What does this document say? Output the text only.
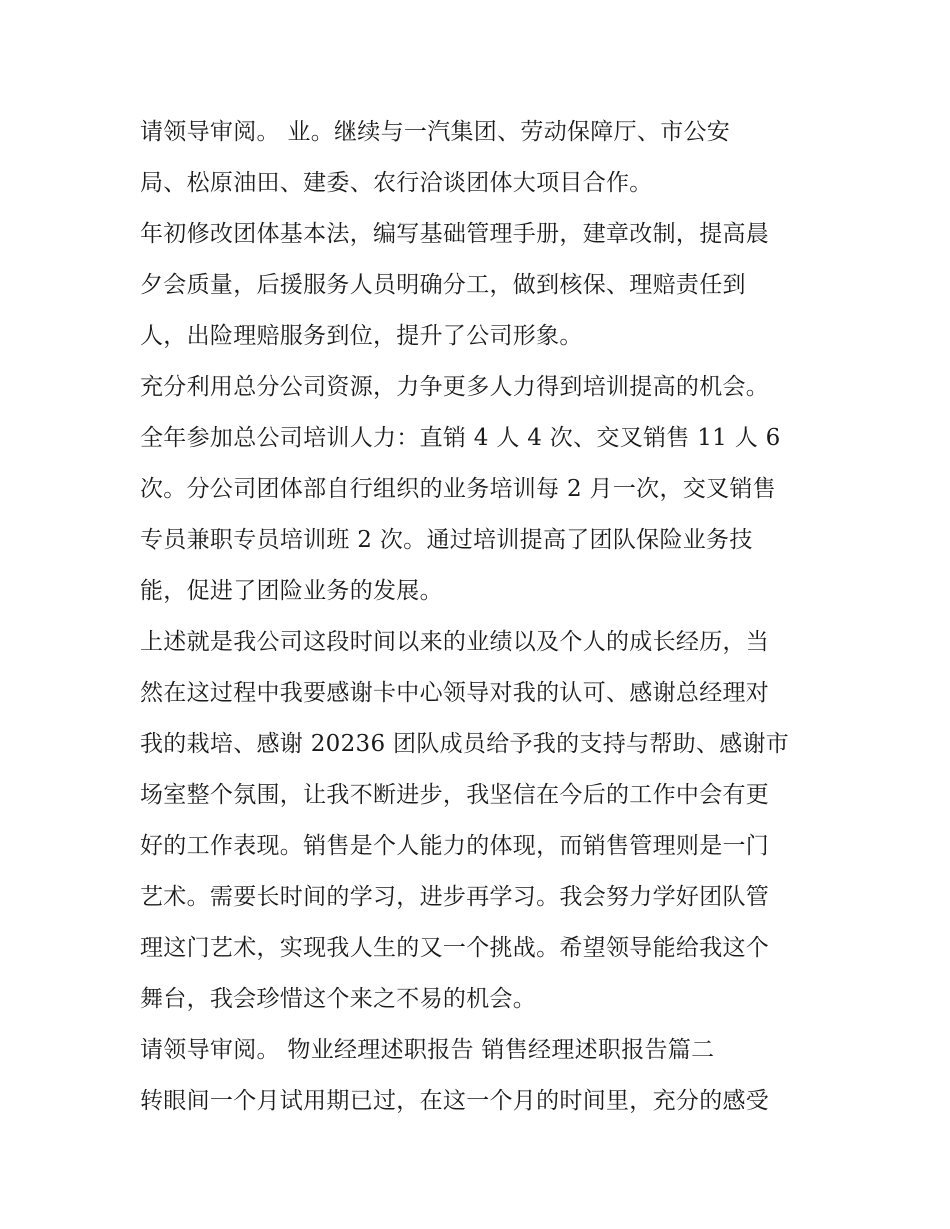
请领导审阅。 业。继续与一汽集团、劳动保障厅、市公安

局、松原油田、建委、农行洽谈团体大项目合作。

年初修改团体基本法，编写基础管理手册，建章改制，提高晨

夕会质量，后援服务人员明确分工，做到核保、理赔责任到

人，出险理赔服务到位，提升了公司形象。

充分利用总分公司资源，力争更多人力得到培训提高的机会。

全年参加总公司培训人力：直销 4 人 4 次、交叉销售 11 人 6

次。分公司团体部自行组织的业务培训每 2 月一次，交叉销售

专员兼职专员培训班 2 次。通过培训提高了团队保险业务技

能，促进了团险业务的发展。

上述就是我公司这段时间以来的业绩以及个人的成长经历，当

然在这过程中我要感谢卡中心领导对我的认可、感谢总经理对

我的栽培、感谢 20236 团队成员给予我的支持与帮助、感谢市

场室整个氛围，让我不断进步，我坚信在今后的工作中会有更

好的工作表现。销售是个人能力的体现，而销售管理则是一门

艺术。需要长时间的学习，进步再学习。我会努力学好团队管

理这门艺术，实现我人生的又一个挑战。希望领导能给我这个

舞台，我会珍惜这个来之不易的机会。

请领导审阅。 物业经理述职报告 销售经理述职报告篇二

转眼间一个月试用期已过，在这一个月的时间里，充分的感受
